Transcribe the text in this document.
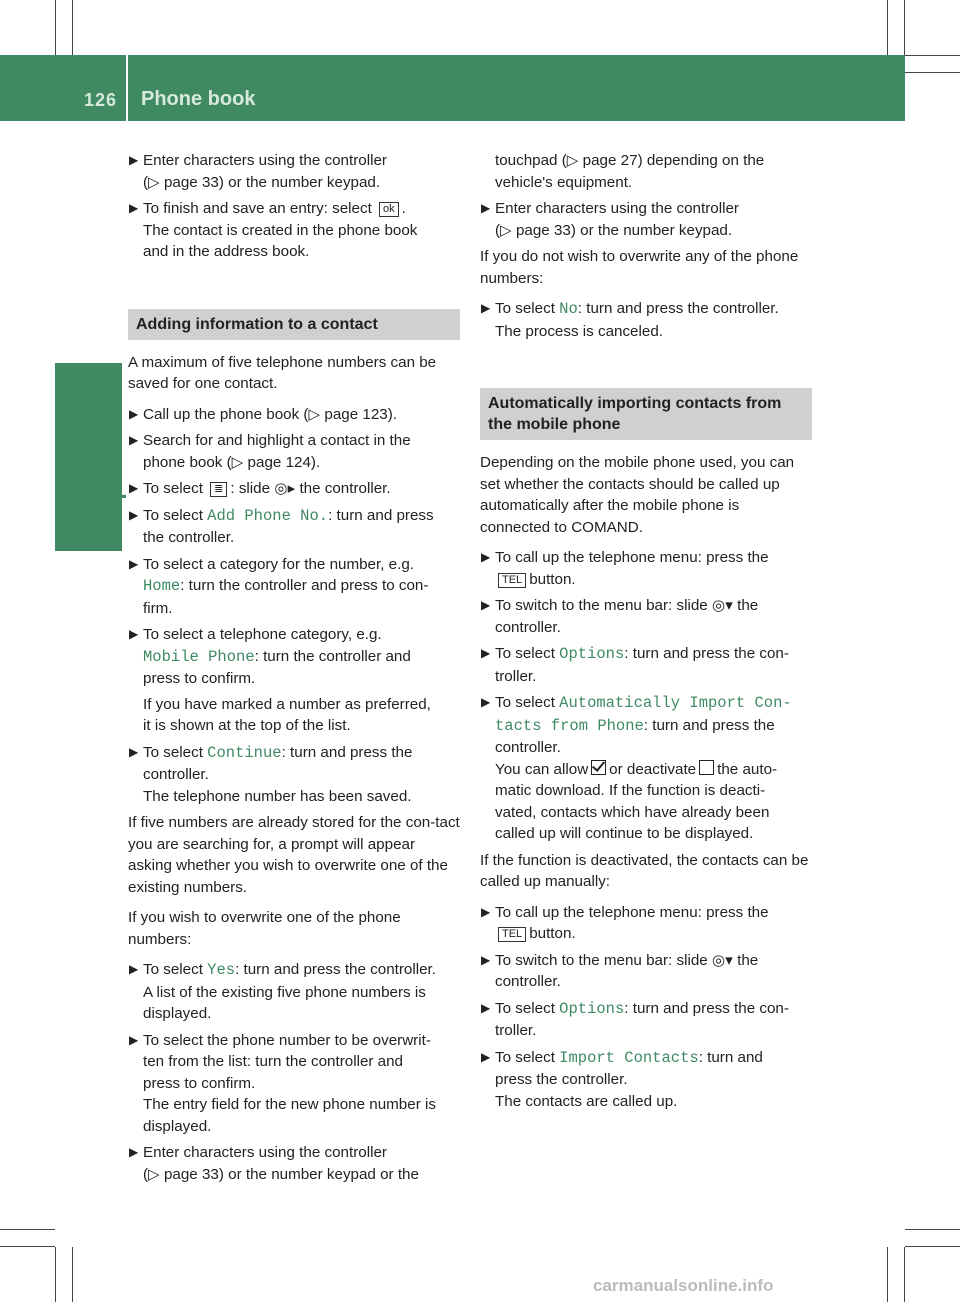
126 Phone book
Telephone
▶ Enter characters using the controller
(▷ page 33) or the number keypad.
▶ To finish and save an entry: select ok .
The contact is created in the phone book
and in the address book.
Adding information to a contact

A maximum of five telephone numbers can be saved for one contact.

▶ Call up the phone book (▷ page 123).
▶ Search for and highlight a contact in the
phone book (▷ page 124).
▶ To select ≣ : slide ◎▸ the controller.
▶ To select Add Phone No.: turn and press
the controller.
▶ To select a category for the number, e.g.
Home: turn the controller and press to con-
firm.
▶ To select a telephone category, e.g.
Mobile Phone: turn the controller and
press to confirm.
If you have marked a number as preferred,
it is shown at the top of the list.
▶ To select Continue: turn and press the
controller.
The telephone number has been saved.

If five numbers are already stored for the con-tact you are searching for, a prompt will appear asking whether you wish to overwrite one of the existing numbers.

If you wish to overwrite one of the phone numbers:

▶ To select Yes: turn and press the controller.
A list of the existing five phone numbers is
displayed.
▶ To select the phone number to be overwrit-
ten from the list: turn the controller and
press to confirm.
The entry field for the new phone number is
displayed.
▶ Enter characters using the controller
(▷ page 33) or the number keypad or the
touchpad (▷ page 27) depending on the
vehicle's equipment.
▶ Enter characters using the controller
(▷ page 33) or the number keypad.

If you do not wish to overwrite any of the phone numbers:

▶ To select No: turn and press the controller.
The process is canceled.
Automatically importing contacts from the mobile phone

Depending on the mobile phone used, you can set whether the contacts should be called up automatically after the mobile phone is connected to COMAND.

▶ To call up the telephone menu: press the
TEL button.
▶ To switch to the menu bar: slide ◎▾ the
controller.
▶ To select Options: turn and press the con-
troller.
▶ To select Automatically Import Con‐
tacts from Phone: turn and press the
controller.
You can allow or deactivate the auto-
matic download. If the function is deacti-
vated, contacts which have already been
called up will continue to be displayed.

If the function is deactivated, the contacts can be called up manually:

▶ To call up the telephone menu: press the
TEL button.
▶ To switch to the menu bar: slide ◎▾ the
controller.
▶ To select Options: turn and press the con-
troller.
▶ To select Import Contacts: turn and
press the controller.
The contacts are called up.
carmanualsonline.info
